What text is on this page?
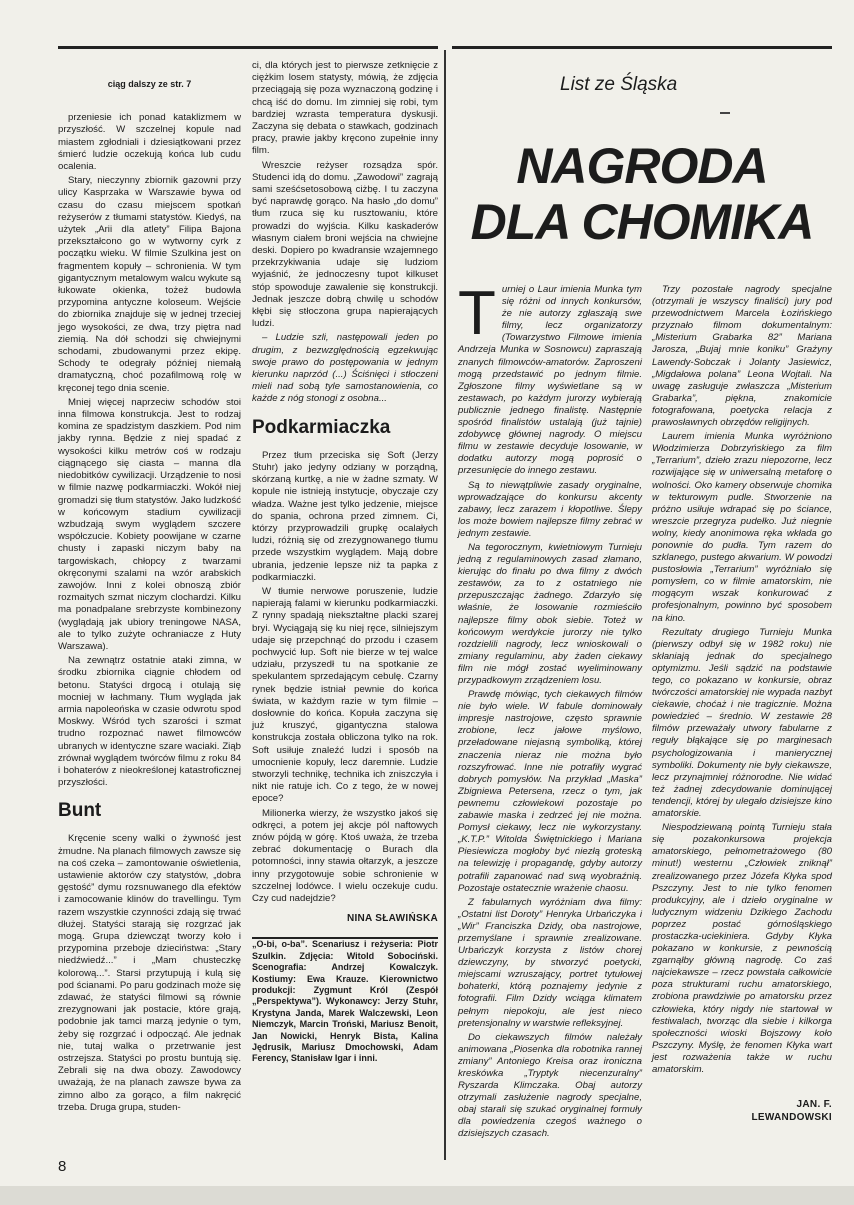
ciąg dalszy ze str. 7

przeniesie ich ponad kataklizmem w przyszłość. W szczelnej kopule nad miastem zgłodniali i dziesiątkowani przez śmierć ludzie oczekują końca lub cudu ocalenia.

Stary, nieczynny zbiornik gazowni przy ulicy Kasprzaka w Warszawie bywa od czasu do czasu miejscem spotkań reżyserów z tłumami statystów. Kiedyś, na użytek „Arii dla atlety” Filipa Bajona przekształcono go w wytworny cyrk z początku wieku. W filmie Szulkina jest on fragmentem kopuły – schronienia. W tym gigantycznym metalowym walcu wykute są łukowate okienka, tożeż budowla przypomina antyczne koloseum. Wejście do zbiornika znajduje się w jednej trzeciej jego wysokości, ze dwa, trzy piętra nad ziemią. Na dół schodzi się chwiejnymi schodami, zbudowanymi przez ekipę. Schody te odegrały później niemałą dramatyczną, choć pozafilmową rolę w kręconej tego dnia scenie.

Mniej więcej naprzeciw schodów stoi inna filmowa konstrukcja. Jest to rodzaj komina ze spadzistym daszkiem. Pod nim jakby rynna. Będzie z niej spadać z wysokości kilku metrów coś w rodzaju ciągnącego się ciasta – manna dla niedobitków cywilizacji. Urządzenie to nosi w filmie nazwę podkarmiaczki. Wokół niej gromadzi się tłum statystów. Jako ludzkość w końcowym stadium cywilizacji wzbudzają swym wyglądem szczere współczucie. Kobiety poowijane w czarne chusty i zapaski niczym baby na targowiskach, chłopcy z twarzami okręconymi szalami na wzór arabskich zawojów. Inni z kolei obnoszą zbiór rozmaitych szmat niczym clochardzi. Kilku ma ponadpalane srebrzyste kombinezony (wyglądają jak ubiory treningowe NASA, ale to tylko zużyte ochraniacze z Huty Warszawa).

Na zewnątrz ostatnie ataki zimna, w środku zbiornika ciągnie chłodem od betonu. Statyści drgocą i otulają się mocniej w łachmany. Tłum wygląda jak armia napoleońska w czasie odwrotu spod Moskwy. Wśród tych szarości i szmat trudno rozpoznać nawet filmowców ubranych w identyczne szare waciaki. Ziąb zrównał wyglądem twórców filmu z roku 84 i bohaterów z nieokreślonej katastroficznej przyszłości.

Bunt

Kręcenie sceny walki o żywność jest żmudne. Na planach filmowych zawsze się na coś czeka – zamontowanie oświetlenia, ustawienie aktorów czy statystów, „dobra gęstość” dymu rozsnuwanego dla efektów i zamocowanie klinów do travellingu. Tym razem wszystkie czynności zdają się trwać dłużej. Statyści starają się rozgrzać jak mogą. Grupa dziewcząt tworzy koło i przypomina przeboje dzieciństwa: „Stary niedźwiedź...” i „Mam chusteczkę kolorową...”. Starsi przytupują i kulą się pod ścianami. Po paru godzinach może się zdawać, że statyści filmowi są równie zrezygnowani jak postacie, które grają, podobnie jak tamci marzą jedynie o tym, żeby się rozgrzać i odpocząć. Ale jednak nie, tutaj walka o przetrwanie jest ostrzejsza. Statyści po prostu buntują się. Zebrali się na dwa obozy. Zawodowcy uważają, że na planach zawsze bywa za zimno albo za gorąco, a film nakręcić trzeba. Druga grupa, studen-

ci, dla których jest to pierwsze zetknięcie z ciężkim losem statysty, mówią, że zdjęcia przeciągają się poza wyznaczoną godzinę i chcą iść do domu. Im zimniej się robi, tym bardziej wzrasta temperatura dyskusji. Zaczyna się debata o stawkach, godzinach pracy, prawie jakby kręcono zupełnie inny film.

Wreszcie reżyser rozsądza spór. Studenci idą do domu. „Zawodowi” zagrają sami sześćsetosobową ciżbę. I tu zaczyna być naprawdę gorąco. Na hasło „do domu” tłum rzuca się ku rusztowaniu, które prowadzi do wyjścia. Kilku kaskaderów własnym ciałem broni wejścia na chwiejne deski. Dopiero po kwadransie wzajemnego przekrzykiwania udaje się ludziom wyjaśnić, że jednoczesny tupot kilkuset stóp spowoduje zawalenie się konstrukcji. Jednak jeszcze dobrą chwilę u schodów kłębi się stłoczona grupa napierających ludzi.

– Ludzie szli, następowali jeden po drugim, z bezwzględnością egzekwując swoje prawo do postępowania w jednym kierunku naprzód (...) Ściśnięci i stłoczeni mieli nad sobą tyle samostanowienia, co każde z nóg stonogi z osobna...

Podkarmiaczka

Przez tłum przeciska się Soft (Jerzy Stuhr) jako jedyny odziany w porządną, skórzaną kurtkę, a nie w żadne szmaty. W kopule nie istnieją instytucje, obyczaje czy władza. Ważne jest tylko jedzenie, miejsce do spania, ochrona przed zimnem. Ci, którzy przyprowadzili grupkę ocalałych ludzi, różnią się od zrezygnowanego tłumu przede wszystkim wyglądem. Mają dobre ubrania, jedzenie lepsze niż ta papka z podkarmiaczki.

W tłumie nerwowe poruszenie, ludzie napierają falami w kierunku podkarmiaczki. Z rynny spadają niekształtne placki szarej bryi. Wyciągają się ku niej ręce, silniejszym udaje się przepchnąć do przodu i czasem pochwycić łup. Soft nie bierze w tej walce udziału, przyszedł tu na spotkanie ze spekulantem sprzedającym cebulę. Czarny rynek będzie istniał pewnie do końca świata, w każdym razie w tym filmie – dosłownie do końca. Kopuła zaczyna się już kruszyć, gigantyczna stalowa konstrukcja została obliczona tylko na rok. Soft usiłuje znaleźć ludzi i sposób na umocnienie kopuły, lecz daremnie. Ludzie stworzyli technikę, technika ich zniszczyła i nikt nie ratuje ich. Co z tego, że w nowej epoce?

Milionerka wierzy, że wszystko jakoś się odkręci, a potem jej akcje pól naftowych znów pójdą w górę. Ktoś uważa, że trzeba zebrać dokumentację o Burach dla potomności, inny stawia ołtarzyk, a jeszcze inny przygotowuje sobie schronienie w szczelnej lodówce. I wielu oczekuje cudu. Czy cud nadejdzie?

NINA SŁAWIŃSKA

„O-bi, o-ba”. Scenariusz i reżyseria: Piotr Szulkin. Zdjęcia: Witold Sobociński. Scenografia: Andrzej Kowalczyk. Kostiumy: Ewa Krauze. Kierownictwo produkcji: Zygmunt Król (Zespół „Perspektywa”). Wykonawcy: Jerzy Stuhr, Krystyna Janda, Marek Walczewski, Leon Niemczyk, Marcin Troński, Mariusz Benoit, Jan Nowicki, Henryk Bista, Kalina Jędrusik, Mariusz Dmochowski, Adam Ferency, Stanisław Igar i inni.

List ze Śląska
NAGRODA
DLA CHOMIKA

Turniej o Laur imienia Munka tym się różni od innych konkursów, że nie autorzy zgłaszają swe filmy, lecz organizatorzy (Towarzystwo Filmowe imienia Andrzeja Munka w Sosnowcu) zapraszają znanych filmowców-amatorów. Zaproszeni mogą przedstawić po jednym filmie. Zgłoszone filmy wyświetlane są w zestawach, po każdym jurorzy wybierają publicznie jednego finalistę. Następnie spośród finalistów ustalają (już tajnie) zdobywcę głównej nagrody. O miejscu filmu w zestawie decyduje losowanie, w dodatku autorzy mogą poprosić o przesunięcie do innego zestawu.

Są to niewątpliwie zasady oryginalne, wprowadzające do konkursu akcenty zabawy, lecz zarazem i kłopotliwe. Ślepy los może bowiem najlepsze filmy zebrać w jednym zestawie.

Na tegorocznym, kwietniowym Turnieju jedną z regulaminowych zasad złamano, kierując do finału po dwa filmy z dwóch zestawów, za to z ostatniego nie przepuszczając żadnego. Zdarzyło się właśnie, że losowanie rozmieściło najlepsze filmy obok siebie. Toteż w końcowym werdykcie jurorzy nie tylko rozdzielili nagrody, lecz wnioskowali o zmiany regulaminu, aby żaden ciekawy film nie mógł zostać wyeliminowany przypadkowym zrządzeniem losu.

Prawdę mówiąc, tych ciekawych filmów nie było wiele. W fabule dominowały impresje nastrojowe, często sprawnie zrobione, lecz jałowe myślowo, przeładowane niejasną symboliką, której znaczenia nieraz nie można było rozszyfrować. Inne nie potrafiły wygrać dobrych pomysłów. Na przykład „Maska” Zbigniewa Petersena, rzecz o tym, jak pewnemu człowiekowi pozostaje po zabawie maska i zedrzeć jej nie można. Pomysł ciekawy, lecz nie wykorzystany. „K.T.P.” Witolda Świętnickiego i Mariana Piesiewicza mogłoby być niezłą groteską na telewizję i propagandę, gdyby autorzy potrafili zapanować nad swą wyobraźnią. Pozostaje ostatecznie wrażenie chaosu.

Z fabularnych wyróżniam dwa filmy: „Ostatni list Doroty” Henryka Urbańczyka i „Wir” Franciszka Dzidy, oba nastrojowe, przemyślane i sprawnie zrealizowane. Urbańczyk korzysta z listów chorej dziewczyny, by stworzyć poetycki, miejscami wzruszający, portret tytułowej bohaterki, którą poznajemy jedynie z fotografii. Film Dzidy wciąga klimatem pełnym niepokoju, ale jest nieco pretensjonalny w warstwie refleksyjnej.

Do ciekawszych filmów należały animowana „Piosenka dla robotnika rannej zmiany” Antoniego Kreisa oraz ironiczna kreskówka „Tryptyk niecenzuralny” Ryszarda Klimczaka. Obaj autorzy otrzymali zasłużenie nagrody specjalne, obaj starali się szukać oryginalnej formuły dla powiedzenia czegoś ważnego o dzisiejszych czasach.

Trzy pozostałe nagrody specjalne (otrzymali je wszyscy finaliści) jury pod przewodnictwem Marcela Łozińskiego przyznało filmom dokumentalnym: „Misterium Grabarka 82” Mariana Jarosza, „Bujaj mnie koniku” Grażyny Lawendy-Sobczak i Jolanty Jasiewicz, „Migdałowa polana” Leona Wojtali. Na uwagę zasługuje zwłaszcza „Misterium Grabarka”, piękna, znakomicie fotografowana, poetycka relacja z prawosławnych obrzędów religijnych.

Laurem imienia Munka wyróżniono Włodzimierza Dobrzyńskiego za film „Terrarium”, dzieło zrazu niepozorne, lecz rozwijające się w uniwersalną metaforę o wolności. Oko kamery obserwuje chomika w tekturowym pudle. Stworzenie na próżno usiłuje wdrapać się po ściance, wreszcie przegryza pudełko. Już niegnie wolny, kiedy anonimowa ręka wkłada go ponownie do pudła. Tym razem do szklanego, pustego akwarium. W powodzi pustosłowia „Terrarium” wyróżniało się pomysłem, co w filmie amatorskim, nie mogącym wszak konkurować z profesjonalnym, powinno być sposobem na kino.

Rezultaty drugiego Turnieju Munka (pierwszy odbył się w 1982 roku) nie skłaniają jednak do specjalnego optymizmu. Jeśli sądzić na podstawie tego, co pokazano w konkursie, obraz twórczości amatorskiej nie wypada nazbyt ciekawie, choćaż i nie tragicznie. Można powiedzieć – średnio. W zestawie 28 filmów przeważały utwory fabularne z reguły błąkające się po marginesach psychologizowania i manierycznej symboliki. Dokumenty nie były ciekawsze, lecz przynajmniej różnorodne. Nie widać też żadnej zdecydowanie dominującej tendencji, której by ulegało dzisiejsze kino amatorskie.

Niespodziewaną pointą Turnieju stała się pozakonkursowa projekcja amatorskiego, pełnometrażowego (80 minut!) westernu „Człowiek zniknął” zrealizowanego przez Józefa Kłyka spod Pszczyny. Jest to nie tylko fenomen produkcyjny, ale i dzieło oryginalne w ludycznym widzeniu Dzikiego Zachodu poprzez postać górnośląskiego prostaczka-uciekiniera. Gdyby Kłyka pokazano w konkursie, z pewnością zgarnąłby główną nagrodę. Co zaś najciekawsze – rzecz powstała całkowicie poza strukturami ruchu amatorskiego, zrobiona prawdziwie po amatorsku przez człowieka, który nigdy nie startował w festiwalach, tworząc dla siebie i kilkorga społeczności wioski Bojszowy koło Pszczyny. Myślę, że fenomen Kłyka wart jest rozważenia także w ruchu amatorskim.

JAN. F.
LEWANDOWSKI
8
